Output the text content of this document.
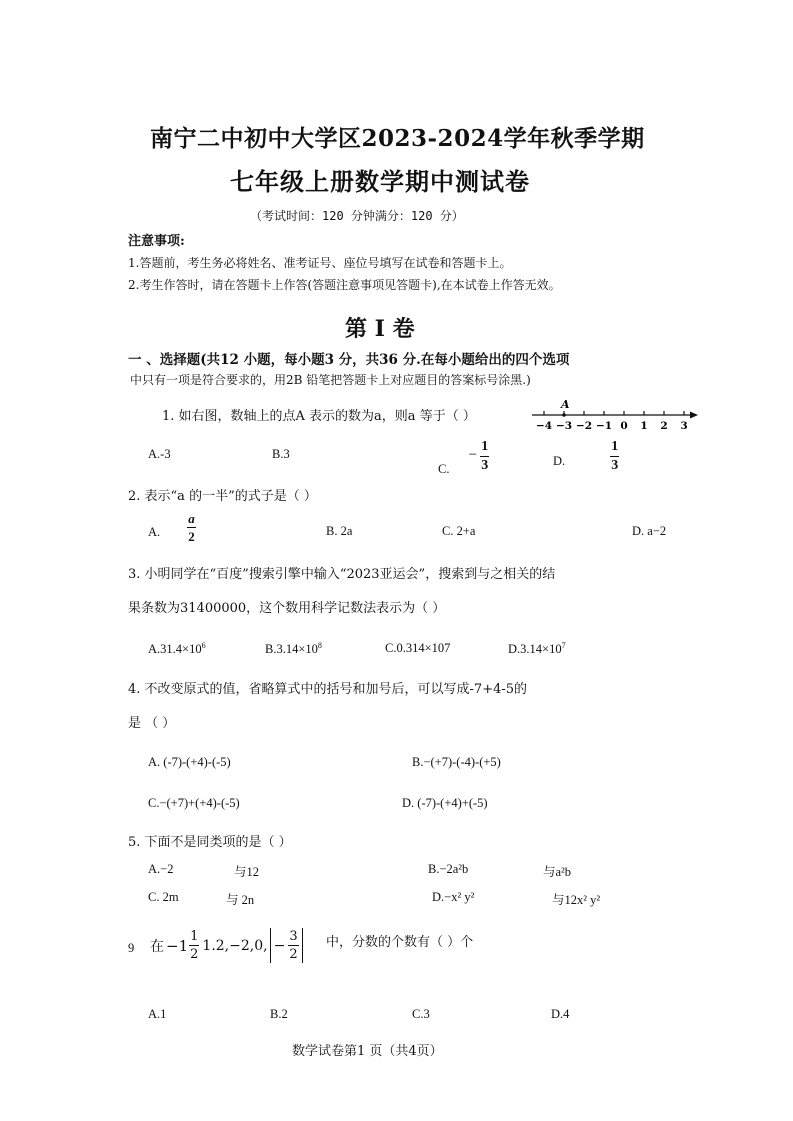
南宁二中初中大学区2023-2024学年秋季学期
七年级上册数学期中测试卷
（考试时间：120 分钟满分：120 分）
注意事项:
1.答题前，考生务必将姓名、准考证号、座位号填写在试卷和答题卡上。
2.考生作答时，请在答题卡上作答(答题注意事项见答题卡),在本试卷上作答无效。
第 I 卷
一 、选择题(共12 小题，每小题3 分，共36 分.在每小题给出的四个选项
中只有一项是符合要求的，用2B 铅笔把答题卡上对应题目的答案标号涂黑.)
1. 如右图，数轴上的点A 表示的数为a，则a 等于（ ）
−4 −3 −2 −1 0 1 2 3
A
A.-3	B.3
C. − $\frac{1}{3}$	D.	$\frac{1}{3}$
2. 表示“a 的一半”的式子是（ ）
A. $\frac{a}{2}$	B. 2a	C. 2+a	D. a−2
3. 小明同学在“百度”搜索引擎中输入“2023亚运会”，搜索到与之相关的结
果条数为31400000，这个数用科学记数法表示为（ ）
$A.31.4\times 10^6$	$B.3.14\times 10^8$	C.0.314×107	$D.3.14\times 10^7$
4. 不改变原式的值，省略算式中的括号和加号后，可以写成-7+4-5的
是 （ ）
A. (-7)-(+4)-(-5)	B.−(+7)-(-4)-(+5)
C.−(+7)+(+4)-(-5)	D. (-7)-(+4)+(-5)
5. 下面不是同类项的是（ ）
A.−2	与12	B.−2a²b	与a²b
C. 2m	与 2n	D.−x² y²	与12x² y²
9 在 $-1 \frac{1}{2} 1.2,-2,0$, − $\frac{3}{2}$ 中，分数的个数有（ ）个
A.1	B.2	C.3	D.4
数学试卷第1 页（共4页）
